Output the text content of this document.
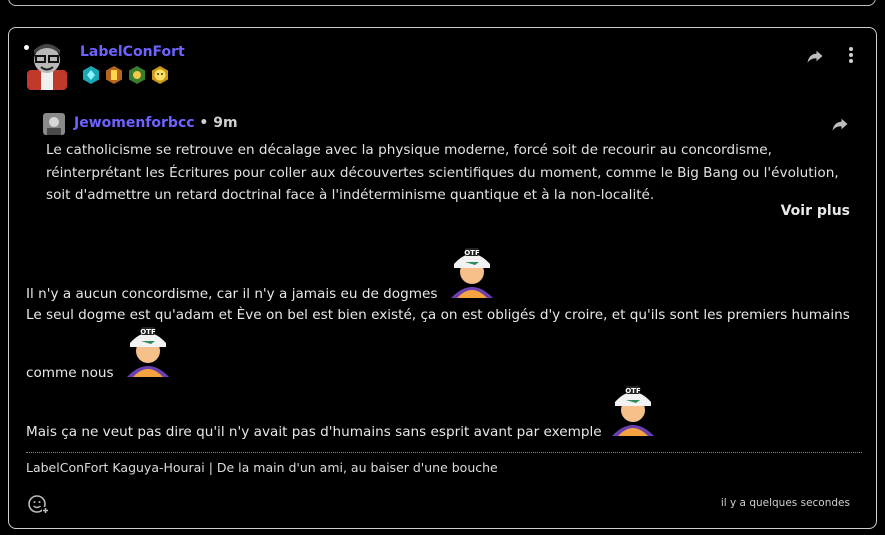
LabelConFort
Jewomenforbcc • 9m
Le catholicisme se retrouve en décalage avec la physique moderne, forcé soit de recourir au concordisme, réinterprétant les Écritures pour coller aux découvertes scientifiques du moment, comme le Big Bang ou l'évolution, soit d'admettre un retard doctrinal face à l'indéterminisme quantique et à la non-localité.
Voir plus
Il n'y a aucun concordisme, car il n'y a jamais eu de dogmes
OTF
Le seul dogme est qu'adam et Ève on bel est bien existé, ça on est obligés d'y croire, et qu'ils sont les premiers humains
comme nous
OTF
Mais ça ne veut pas dire qu'il n'y avait pas d'humains sans esprit avant par exemple
OTF
LabelConFort Kaguya-Hourai | De la main d'un ami, au baiser d'une bouche
il y a quelques secondes
